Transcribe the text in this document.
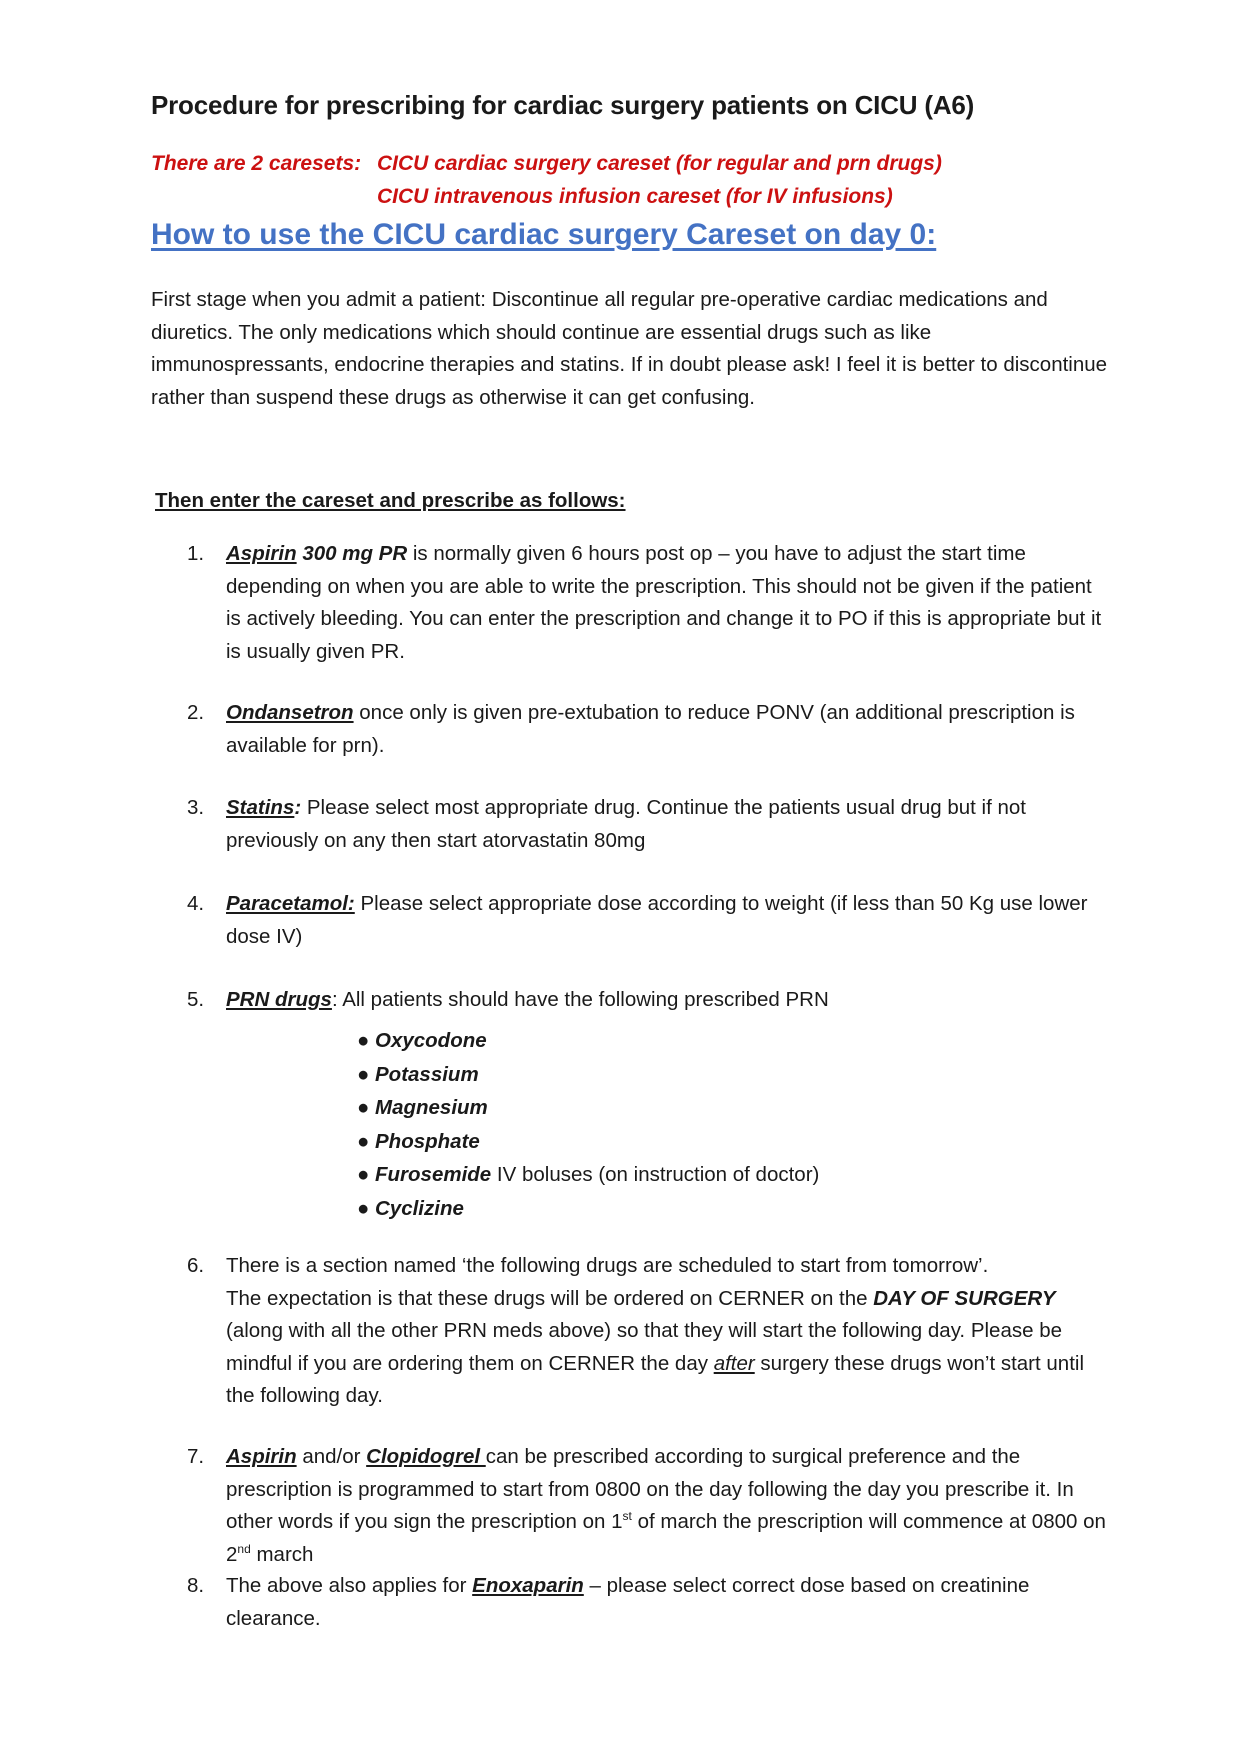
Procedure for prescribing for cardiac surgery patients on CICU (A6)
There are 2 caresets: CICU cardiac surgery careset (for regular and prn drugs)
CICU intravenous infusion careset (for IV infusions)
How to use the CICU cardiac surgery Careset on day 0:
First stage when you admit a patient: Discontinue all regular pre-operative cardiac medications and diuretics. The only medications which should continue are essential drugs such as like immunospressants, endocrine therapies and statins. If in doubt please ask! I feel it is better to discontinue rather than suspend these drugs as otherwise it can get confusing.
Then enter the careset and prescribe as follows:
1. Aspirin 300 mg PR is normally given 6 hours post op – you have to adjust the start time depending on when you are able to write the prescription. This should not be given if the patient is actively bleeding. You can enter the prescription and change it to PO if this is appropriate but it is usually given PR.
2. Ondansetron once only is given pre-extubation to reduce PONV (an additional prescription is available for prn).
3. Statins: Please select most appropriate drug. Continue the patients usual drug but if not previously on any then start atorvastatin 80mg
4. Paracetamol: Please select appropriate dose according to weight (if less than 50 Kg use lower dose IV)
5. PRN drugs: All patients should have the following prescribed PRN
● Oxycodone
● Potassium
● Magnesium
● Phosphate
● Furosemide IV boluses (on instruction of doctor)
● Cyclizine
6. There is a section named ‘the following drugs are scheduled to start from tomorrow’.
The expectation is that these drugs will be ordered on CERNER on the DAY OF SURGERY (along with all the other PRN meds above) so that they will start the following day. Please be mindful if you are ordering them on CERNER the day after surgery these drugs won’t start until the following day.
7. Aspirin and/or Clopidogrel can be prescribed according to surgical preference and the prescription is programmed to start from 0800 on the day following the day you prescribe it. In other words if you sign the prescription on 1st of march the prescription will commence at 0800 on 2nd march
8. The above also applies for Enoxaparin – please select correct dose based on creatinine clearance.
